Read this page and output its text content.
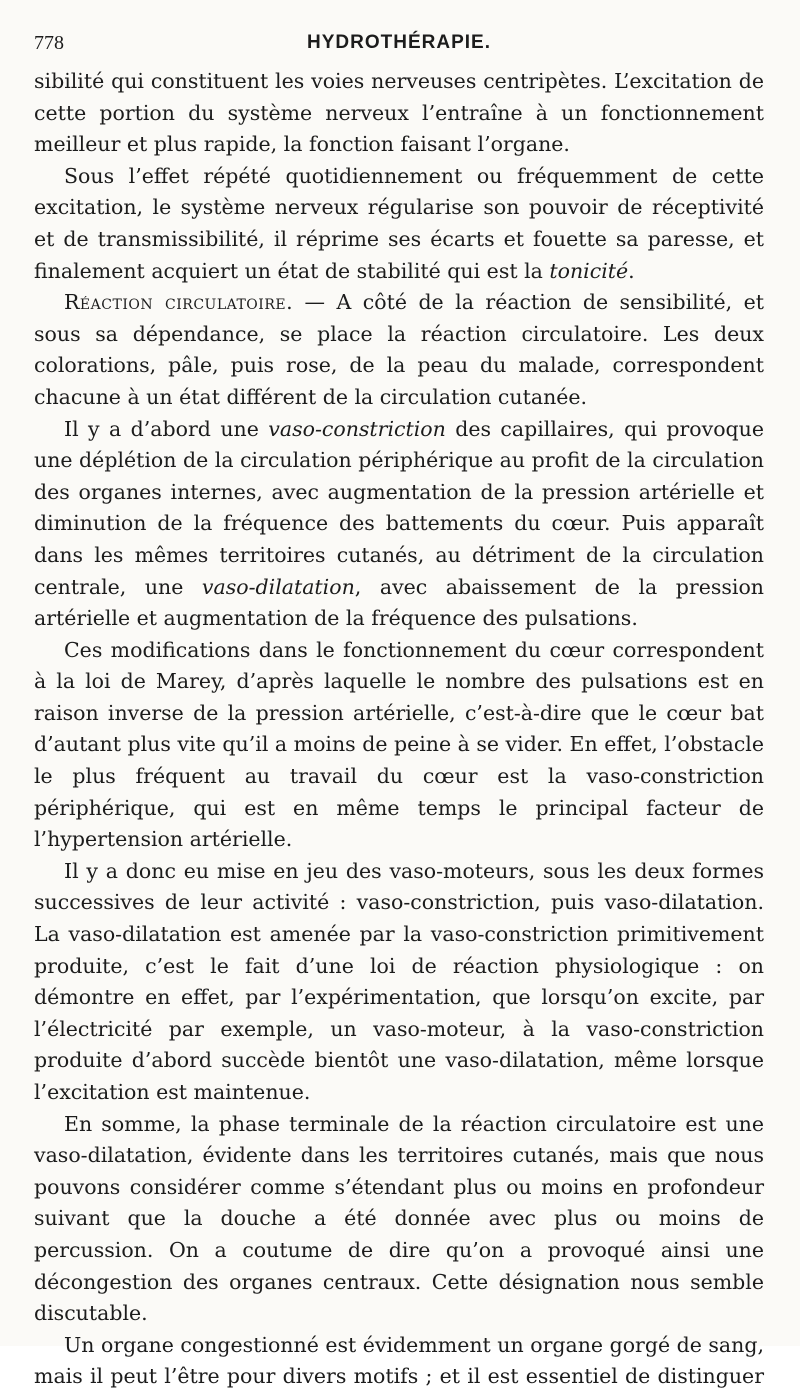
778	HYDROTHÉRAPIE.

sibilité qui constituent les voies nerveuses centripètes. L’excitation de cette portion du système nerveux l’entraîne à un fonctionnement meilleur et plus rapide, la fonction faisant l’organe.

Sous l’effet répété quotidiennement ou fréquemment de cette excitation, le système nerveux régularise son pouvoir de réceptivité et de transmissibilité, il réprime ses écarts et fouette sa paresse, et finalement acquiert un état de stabilité qui est la tonicité.

Réaction circulatoire. — A côté de la réaction de sensibilité, et sous sa dépendance, se place la réaction circulatoire. Les deux colorations, pâle, puis rose, de la peau du malade, correspondent chacune à un état différent de la circulation cutanée.

Il y a d’abord une vaso-constriction des capillaires, qui provoque une déplétion de la circulation périphérique au profit de la circulation des organes internes, avec augmentation de la pression artérielle et diminution de la fréquence des battements du cœur. Puis apparaît dans les mêmes territoires cutanés, au détriment de la circulation centrale, une vaso-dilatation, avec abaissement de la pression artérielle et augmentation de la fréquence des pulsations.

Ces modifications dans le fonctionnement du cœur correspondent à la loi de Marey, d’après laquelle le nombre des pulsations est en raison inverse de la pression artérielle, c’est-à-dire que le cœur bat d’autant plus vite qu’il a moins de peine à se vider. En effet, l’obstacle le plus fréquent au travail du cœur est la vaso-constriction périphérique, qui est en même temps le principal facteur de l’hypertension artérielle.

Il y a donc eu mise en jeu des vaso-moteurs, sous les deux formes successives de leur activité : vaso-constriction, puis vaso-dilatation. La vaso-dilatation est amenée par la vaso-constriction primitivement produite, c’est le fait d’une loi de réaction physiologique : on démontre en effet, par l’expérimentation, que lorsqu’on excite, par l’électricité par exemple, un vaso-moteur, à la vaso-constriction produite d’abord succède bientôt une vaso-dilatation, même lorsque l’excitation est maintenue.

En somme, la phase terminale de la réaction circulatoire est une vaso-dilatation, évidente dans les territoires cutanés, mais que nous pouvons considérer comme s’étendant plus ou moins en profondeur suivant que la douche a été donnée avec plus ou moins de percussion. On a coutume de dire qu’on a provoqué ainsi une décongestion des organes centraux. Cette désignation nous semble discutable.

Un organe congestionné est évidemment un organe gorgé de sang, mais il peut l’être pour divers motifs ; et il est essentiel de distinguer
